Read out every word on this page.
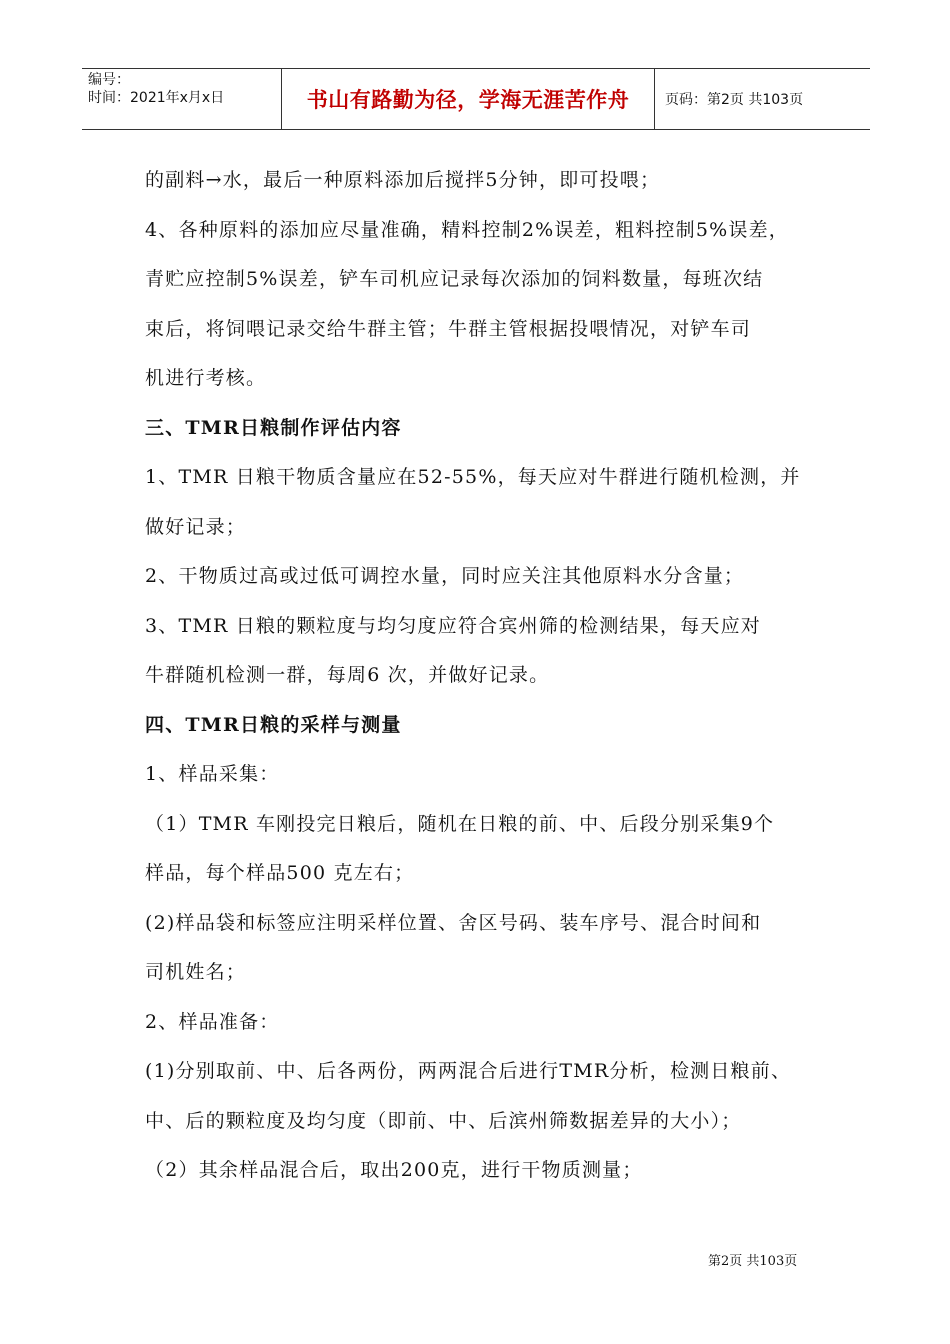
编号：
时间：2021年x月x日	书山有路勤为径，学海无涯苦作舟	页码：第2页 共103页
的副料→水，最后一种原料添加后搅拌5分钟，即可投喂；
4、各种原料的添加应尽量准确，精料控制2%误差，粗料控制5%误差，
青贮应控制5%误差，铲车司机应记录每次添加的饲料数量，每班次结
束后，将饲喂记录交给牛群主管；牛群主管根据投喂情况，对铲车司
机进行考核。
三、TMR日粮制作评估内容
1、TMR 日粮干物质含量应在52-55%，每天应对牛群进行随机检测，并
做好记录；
2、干物质过高或过低可调控水量，同时应关注其他原料水分含量；
3、TMR 日粮的颗粒度与均匀度应符合宾州筛的检测结果，每天应对
牛群随机检测一群，每周6 次，并做好记录。
四、TMR日粮的采样与测量
1、样品采集：
（1）TMR 车刚投完日粮后，随机在日粮的前、中、后段分别采集9个
样品，每个样品500 克左右；
(2)样品袋和标签应注明采样位置、舍区号码、装车序号、混合时间和
司机姓名；
2、样品准备：
(1)分别取前、中、后各两份，两两混合后进行TMR分析，检测日粮前、
中、后的颗粒度及均匀度（即前、中、后滨州筛数据差异的大小）；
（2）其余样品混合后，取出200克，进行干物质测量；
第2页 共103页
